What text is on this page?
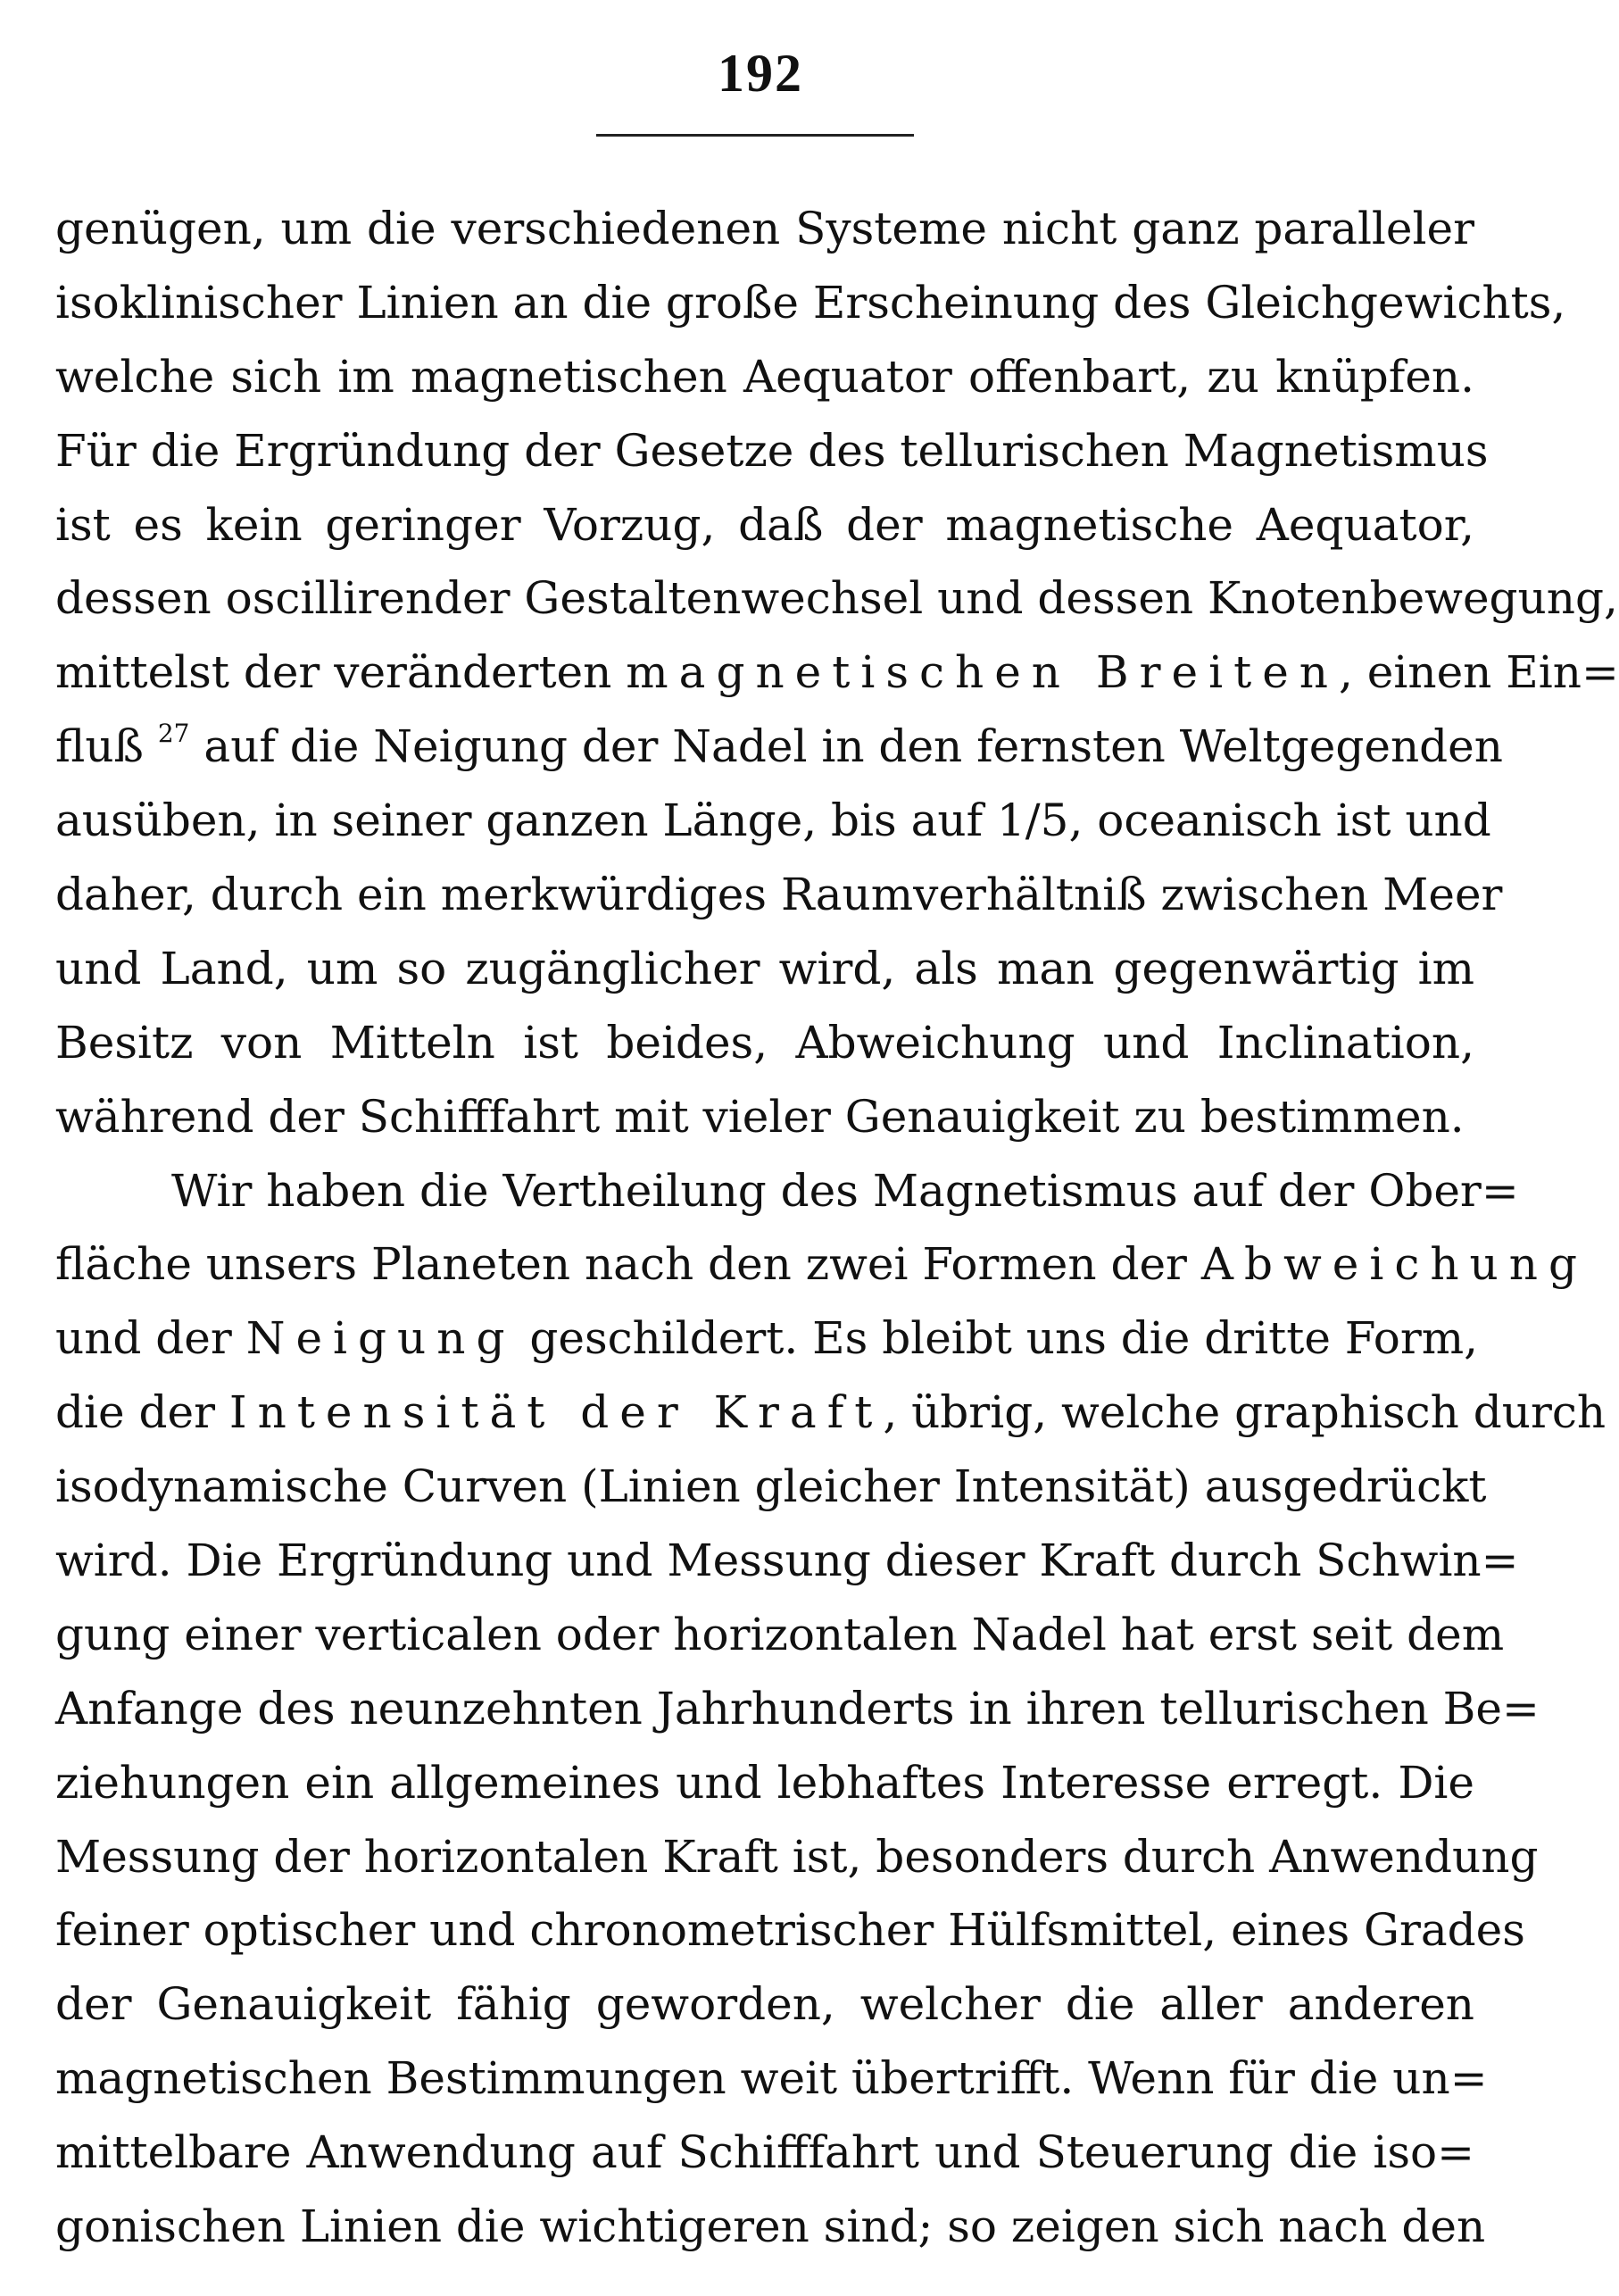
192
genügen, um die verschiedenen Systeme nicht ganz paralleler
isoklinischer Linien an die große Erscheinung des Gleichgewichts,
welche sich im magnetischen Aequator offenbart, zu knüpfen.
Für die Ergründung der Gesetze des tellurischen Magnetismus
ist es kein geringer Vorzug, daß der magnetische Aequator,
dessen oscillirender Gestaltenwechsel und dessen Knotenbewegung,
mittelst der veränderten magnetischen Breiten, einen Ein=
fluß $^{27}$ auf die Neigung der Nadel in den fernsten Weltgegenden
ausüben, in seiner ganzen Länge, bis auf 1/5, oceanisch ist und
daher, durch ein merkwürdiges Raumverhältniß zwischen Meer
und Land, um so zugänglicher wird, als man gegenwärtig im
Besitz von Mitteln ist beides, Abweichung und Inclination,
während der Schifffahrt mit vieler Genauigkeit zu bestimmen.
Wir haben die Vertheilung des Magnetismus auf der Ober=
fläche unsers Planeten nach den zwei Formen der Abweichung
und der Neigung geschildert. Es bleibt uns die dritte Form,
die der Intensität der Kraft, übrig, welche graphisch durch
isodynamische Curven (Linien gleicher Intensität) ausgedrückt
wird. Die Ergründung und Messung dieser Kraft durch Schwin=
gung einer verticalen oder horizontalen Nadel hat erst seit dem
Anfange des neunzehnten Jahrhunderts in ihren tellurischen Be=
ziehungen ein allgemeines und lebhaftes Interesse erregt. Die
Messung der horizontalen Kraft ist, besonders durch Anwendung
feiner optischer und chronometrischer Hülfsmittel, eines Grades
der Genauigkeit fähig geworden, welcher die aller anderen
magnetischen Bestimmungen weit übertrifft. Wenn für die un=
mittelbare Anwendung auf Schifffahrt und Steuerung die iso=
gonischen Linien die wichtigeren sind; so zeigen sich nach den
